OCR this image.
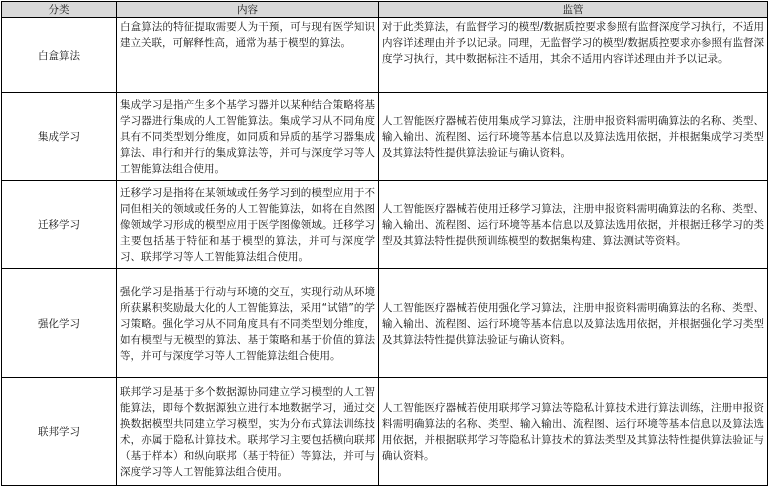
分类	内容	监管
白盒算法	白盒算法的特征提取需要人为干预，可与现有医学知识建立关联，可解释性高，通常为基于模型的算法。	对于此类算法，有监督学习的模型/数据质控要求参照有监督深度学习执行，不适用内容详述理由并予以记录。同理，无监督学习的模型/数据质控要求亦参照有监督深度学习执行，其中数据标注不适用，其余不适用内容详述理由并予以记录。
集成学习	集成学习是指产生多个基学习器并以某种结合策略将基学习器进行集成的人工智能算法。集成学习从不同角度具有不同类型划分维度，如同质和异质的基学习器集成算法、串行和并行的集成算法等，并可与深度学习等人工智能算法组合使用。	人工智能医疗器械若使用集成学习算法，注册申报资料需明确算法的名称、类型、输入输出、流程图、运行环境等基本信息以及算法选用依据，并根据集成学习类型及其算法特性提供算法验证与确认资料。
迁移学习	迁移学习是指将在某领域或任务学习到的模型应用于不同但相关的领域或任务的人工智能算法，如将在自然图像领域学习形成的模型应用于医学图像领域。迁移学习主要包括基于特征和基于模型的算法，并可与深度学习、联邦学习等人工智能算法组合使用。	人工智能医疗器械若使用迁移学习算法，注册申报资料需明确算法的名称、类型、输入输出、流程图、运行环境等基本信息以及算法选用依据，并根据迁移学习的类型及其算法特性提供预训练模型的数据集构建、算法测试等资料。
强化学习	强化学习是指基于行动与环境的交互，实现行动从环境所获累积奖励最大化的人工智能算法，采用“试错”的学习策略。强化学习从不同角度具有不同类型划分维度，如有模型与无模型的算法、基于策略和基于价值的算法等，并可与深度学习等人工智能算法组合使用。	人工智能医疗器械若使用强化学习算法，注册申报资料需明确算法的名称、类型、输入输出、流程图、运行环境等基本信息以及算法选用依据，并根据强化学习类型及其算法特性提供算法验证与确认资料。
联邦学习	联邦学习是基于多个数据源协同建立学习模型的人工智能算法，即每个数据源独立进行本地数据学习，通过交换数据模型共同建立学习模型，实为分布式算法训练技术，亦属于隐私计算技术。联邦学习主要包括横向联邦（基于样本）和纵向联邦（基于特征）等算法，并可与深度学习等人工智能算法组合使用。	人工智能医疗器械若使用联邦学习算法等隐私计算技术进行算法训练，注册申报资料需明确算法的名称、类型、输入输出、流程图、运行环境等基本信息以及算法选用依据，并根据联邦学习等隐私计算技术的算法类型及其算法特性提供算法验证与确认资料。
